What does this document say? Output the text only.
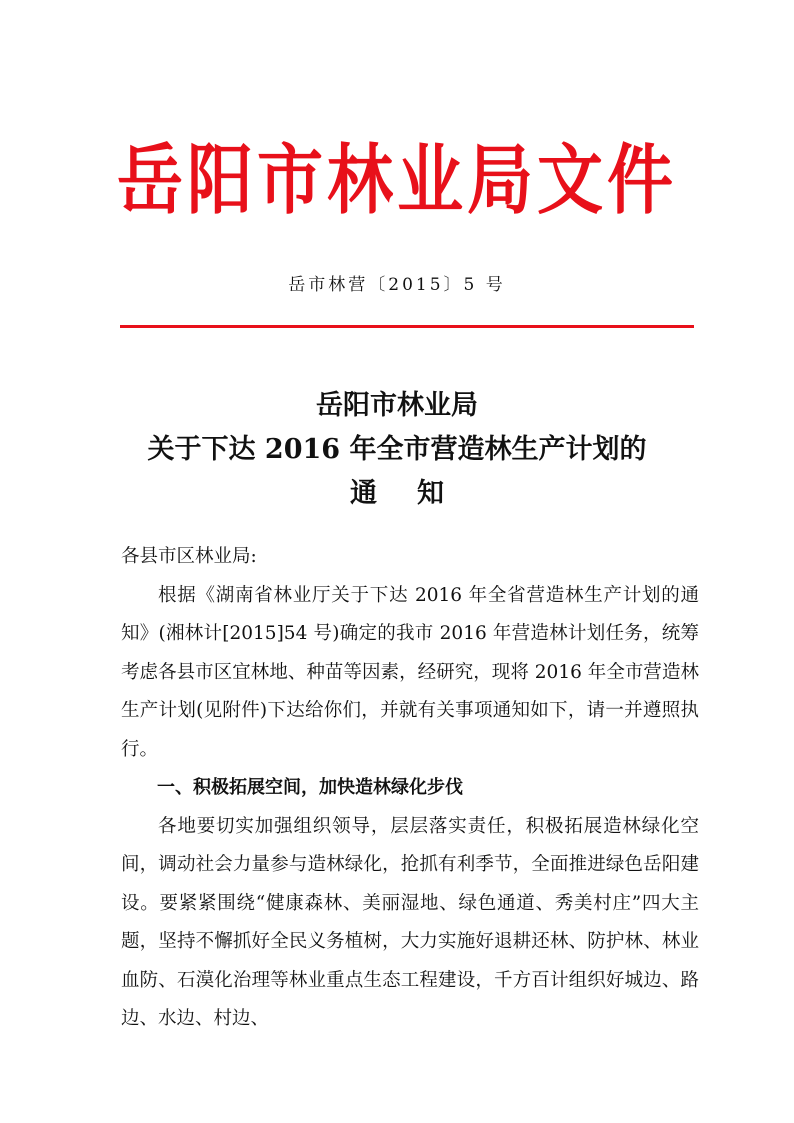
岳阳市林业局文件
岳市林营〔2015〕5 号
岳阳市林业局
关于下达 2016 年全市营造林生产计划的
通知

各县市区林业局:

根据《湖南省林业厅关于下达 2016 年全省营造林生产计划的通知》(湘林计[2015]54 号)确定的我市 2016 年营造林计划任务，统筹考虑各县市区宜林地、种苗等因素，经研究，现将 2016 年全市营造林生产计划(见附件)下达给你们，并就有关事项通知如下，请一并遵照执行。

一、积极拓展空间，加快造林绿化步伐

各地要切实加强组织领导，层层落实责任，积极拓展造林绿化空间，调动社会力量参与造林绿化，抢抓有利季节，全面推进绿色岳阳建设。要紧紧围绕“健康森林、美丽湿地、绿色通道、秀美村庄”四大主题，坚持不懈抓好全民义务植树，大力实施好退耕还林、防护林、林业血防、石漠化治理等林业重点生态工程建设，千方百计组织好城边、路边、水边、村边、
